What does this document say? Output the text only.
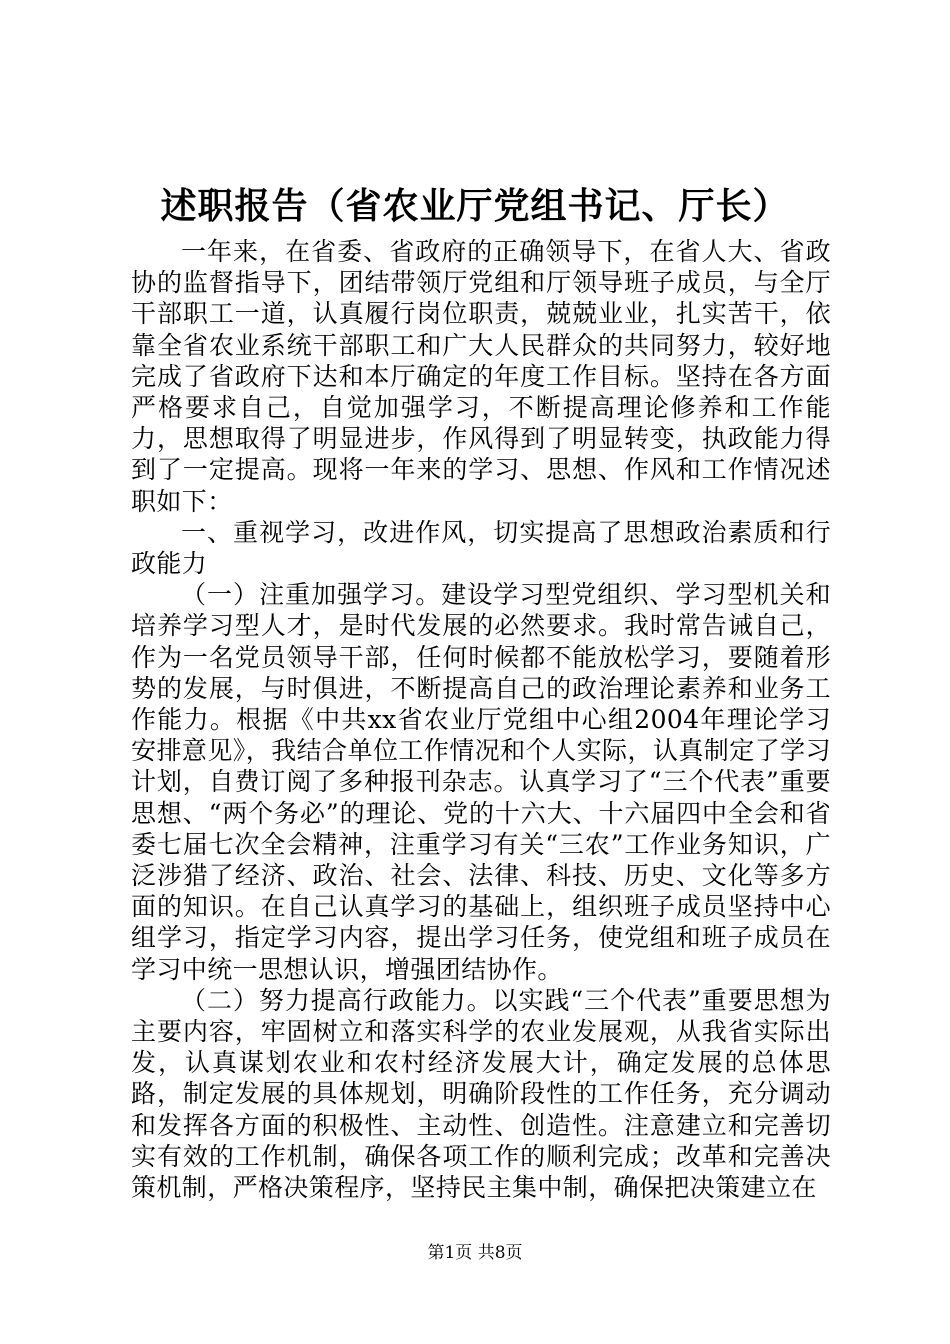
述职报告（省农业厅党组书记、厅长）

一年来，在省委、省政府的正确领导下，在省人大、省政协的监督指导下，团结带领厅党组和厅领导班子成员，与全厅干部职工一道，认真履行岗位职责，兢兢业业，扎实苦干，依靠全省农业系统干部职工和广大人民群众的共同努力，较好地完成了省政府下达和本厅确定的年度工作目标。坚持在各方面严格要求自己，自觉加强学习，不断提高理论修养和工作能力，思想取得了明显进步，作风得到了明显转变，执政能力得到了一定提高。现将一年来的学习、思想、作风和工作情况述职如下：

一、重视学习，改进作风，切实提高了思想政治素质和行政能力

（一）注重加强学习。建设学习型党组织、学习型机关和培养学习型人才，是时代发展的必然要求。我时常告诫自己，作为一名党员领导干部，任何时候都不能放松学习，要随着形势的发展，与时俱进，不断提高自己的政治理论素养和业务工作能力。根据《中共xx省农业厅党组中心组2004年理论学习安排意见》，我结合单位工作情况和个人实际，认真制定了学习计划，自费订阅了多种报刊杂志。认真学习了“三个代表”重要思想、“两个务必”的理论、党的十六大、十六届四中全会和省委七届七次全会精神，注重学习有关“三农”工作业务知识，广泛涉猎了经济、政治、社会、法律、科技、历史、文化等多方面的知识。在自己认真学习的基础上，组织班子成员坚持中心组学习，指定学习内容，提出学习任务，使党组和班子成员在学习中统一思想认识，增强团结协作。

（二）努力提高行政能力。以实践“三个代表”重要思想为主要内容，牢固树立和落实科学的农业发展观，从我省实际出发，认真谋划农业和农村经济发展大计，确定发展的总体思路，制定发展的具体规划，明确阶段性的工作任务，充分调动和发挥各方面的积极性、主动性、创造性。注意建立和完善切实有效的工作机制，确保各项工作的顺利完成；改革和完善决策机制，严格决策程序，坚持民主集中制，确保把决策建立在

第1页 共8页
